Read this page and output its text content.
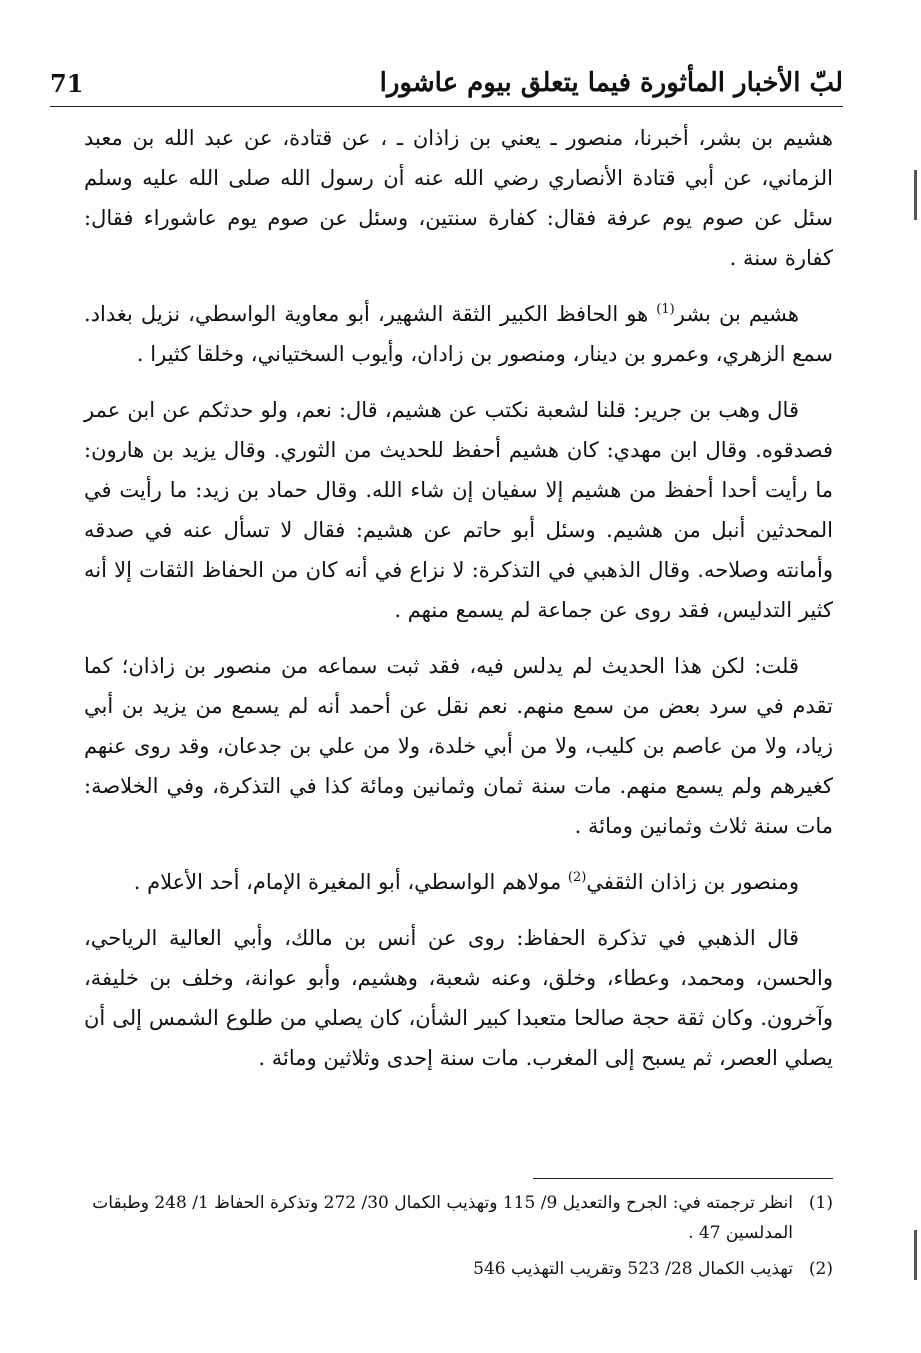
لبّ الأخبار المأثورة فيما يتعلق بيوم عاشورا
71

هشيم بن بشر، أخبرنا، منصور ـ يعني بن زاذان ـ ، عن قتادة، عن عبد الله بن معبد الزماني، عن أبي قتادة الأنصاري رضي الله عنه أن رسول الله صلى الله عليه وسلم سئل عن صوم يوم عرفة فقال: كفارة سنتين، وسئل عن صوم يوم عاشوراء فقال: كفارة سنة .

هشيم بن بشر$^{(1)}$ هو الحافظ الكبير الثقة الشهير، أبو معاوية الواسطي، نزيل بغداد. سمع الزهري، وعمرو بن دينار، ومنصور بن زادان، وأيوب السختياني، وخلقا كثيرا .

قال وهب بن جرير: قلنا لشعبة نكتب عن هشيم، قال: نعم، ولو حدثكم عن ابن عمر فصدقوه. وقال ابن مهدي: كان هشيم أحفظ للحديث من الثوري. وقال يزيد بن هارون: ما رأيت أحدا أحفظ من هشيم إلا سفيان إن شاء الله. وقال حماد بن زيد: ما رأيت في المحدثين أنبل من هشيم. وسئل أبو حاتم عن هشيم: فقال لا تسأل عنه في صدقه وأمانته وصلاحه. وقال الذهبي في التذكرة: لا نزاع في أنه كان من الحفاظ الثقات إلا أنه كثير التدليس، فقد روى عن جماعة لم يسمع منهم .

قلت: لكن هذا الحديث لم يدلس فيه، فقد ثبت سماعه من منصور بن زاذان؛ كما تقدم في سرد بعض من سمع منهم. نعم نقل عن أحمد أنه لم يسمع من يزيد بن أبي زياد، ولا من عاصم بن كليب، ولا من أبي خلدة، ولا من علي بن جدعان، وقد روى عنهم كغيرهم ولم يسمع منهم. مات سنة ثمان وثمانين ومائة كذا في التذكرة، وفي الخلاصة: مات سنة ثلاث وثمانين ومائة .

ومنصور بن زاذان الثقفي$^{(2)}$ مولاهم الواسطي، أبو المغيرة الإمام، أحد الأعلام .

قال الذهبي في تذكرة الحفاظ: روى عن أنس بن مالك، وأبي العالية الرياحي، والحسن، ومحمد، وعطاء، وخلق، وعنه شعبة، وهشيم، وأبو عوانة، وخلف بن خليفة، وآخرون. وكان ثقة حجة صالحا متعبدا كبير الشأن، كان يصلي من طلوع الشمس إلى أن يصلي العصر، ثم يسبح إلى المغرب. مات سنة إحدى وثلاثين ومائة .

(1)
انظر ترجمته في: الجرح والتعديل 9/ 115 وتهذيب الكمال 30/ 272 وتذكرة الحفاظ 1/ 248 وطبقات المدلسين 47 .
(2)
تهذيب الكمال 28/ 523 وتقريب التهذيب 546
